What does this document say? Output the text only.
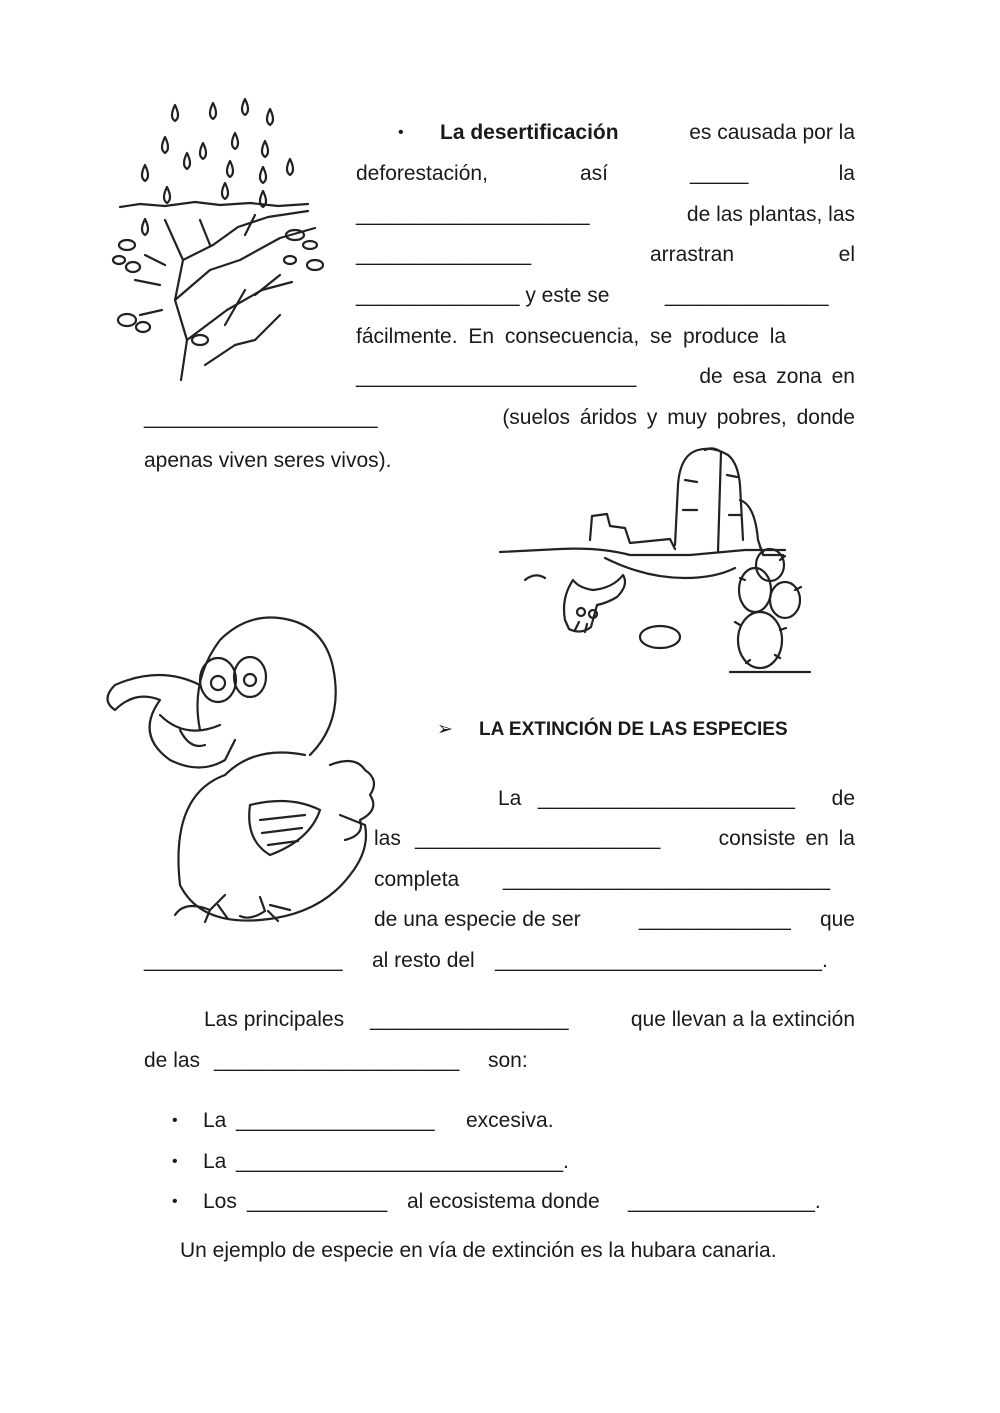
• La desertificación	es causada por la
deforestación,	así	_____	la
____________________	de las plantas, las
_______________	arrastran	el
______________ y este se	______________
fácilmente. En consecuencia, se produce la
________________________	de esa zona en
____________________	(suelos áridos y muy pobres, donde
apenas viven seres vivos).
➢ LA EXTINCIÓN DE LAS ESPECIES
La ______________________ de
las _____________________	consiste en la
completa ____________________________
de una especie de ser	_____________ que
_________________ al resto del ____________________________.
Las principales _________________	que llevan a la extinción
de las _____________________ son:
• La _________________ excesiva.
• La ____________________________.
• Los ____________ al ecosistema donde ________________.
Un ejemplo de especie en vía de extinción es la hubara canaria.
